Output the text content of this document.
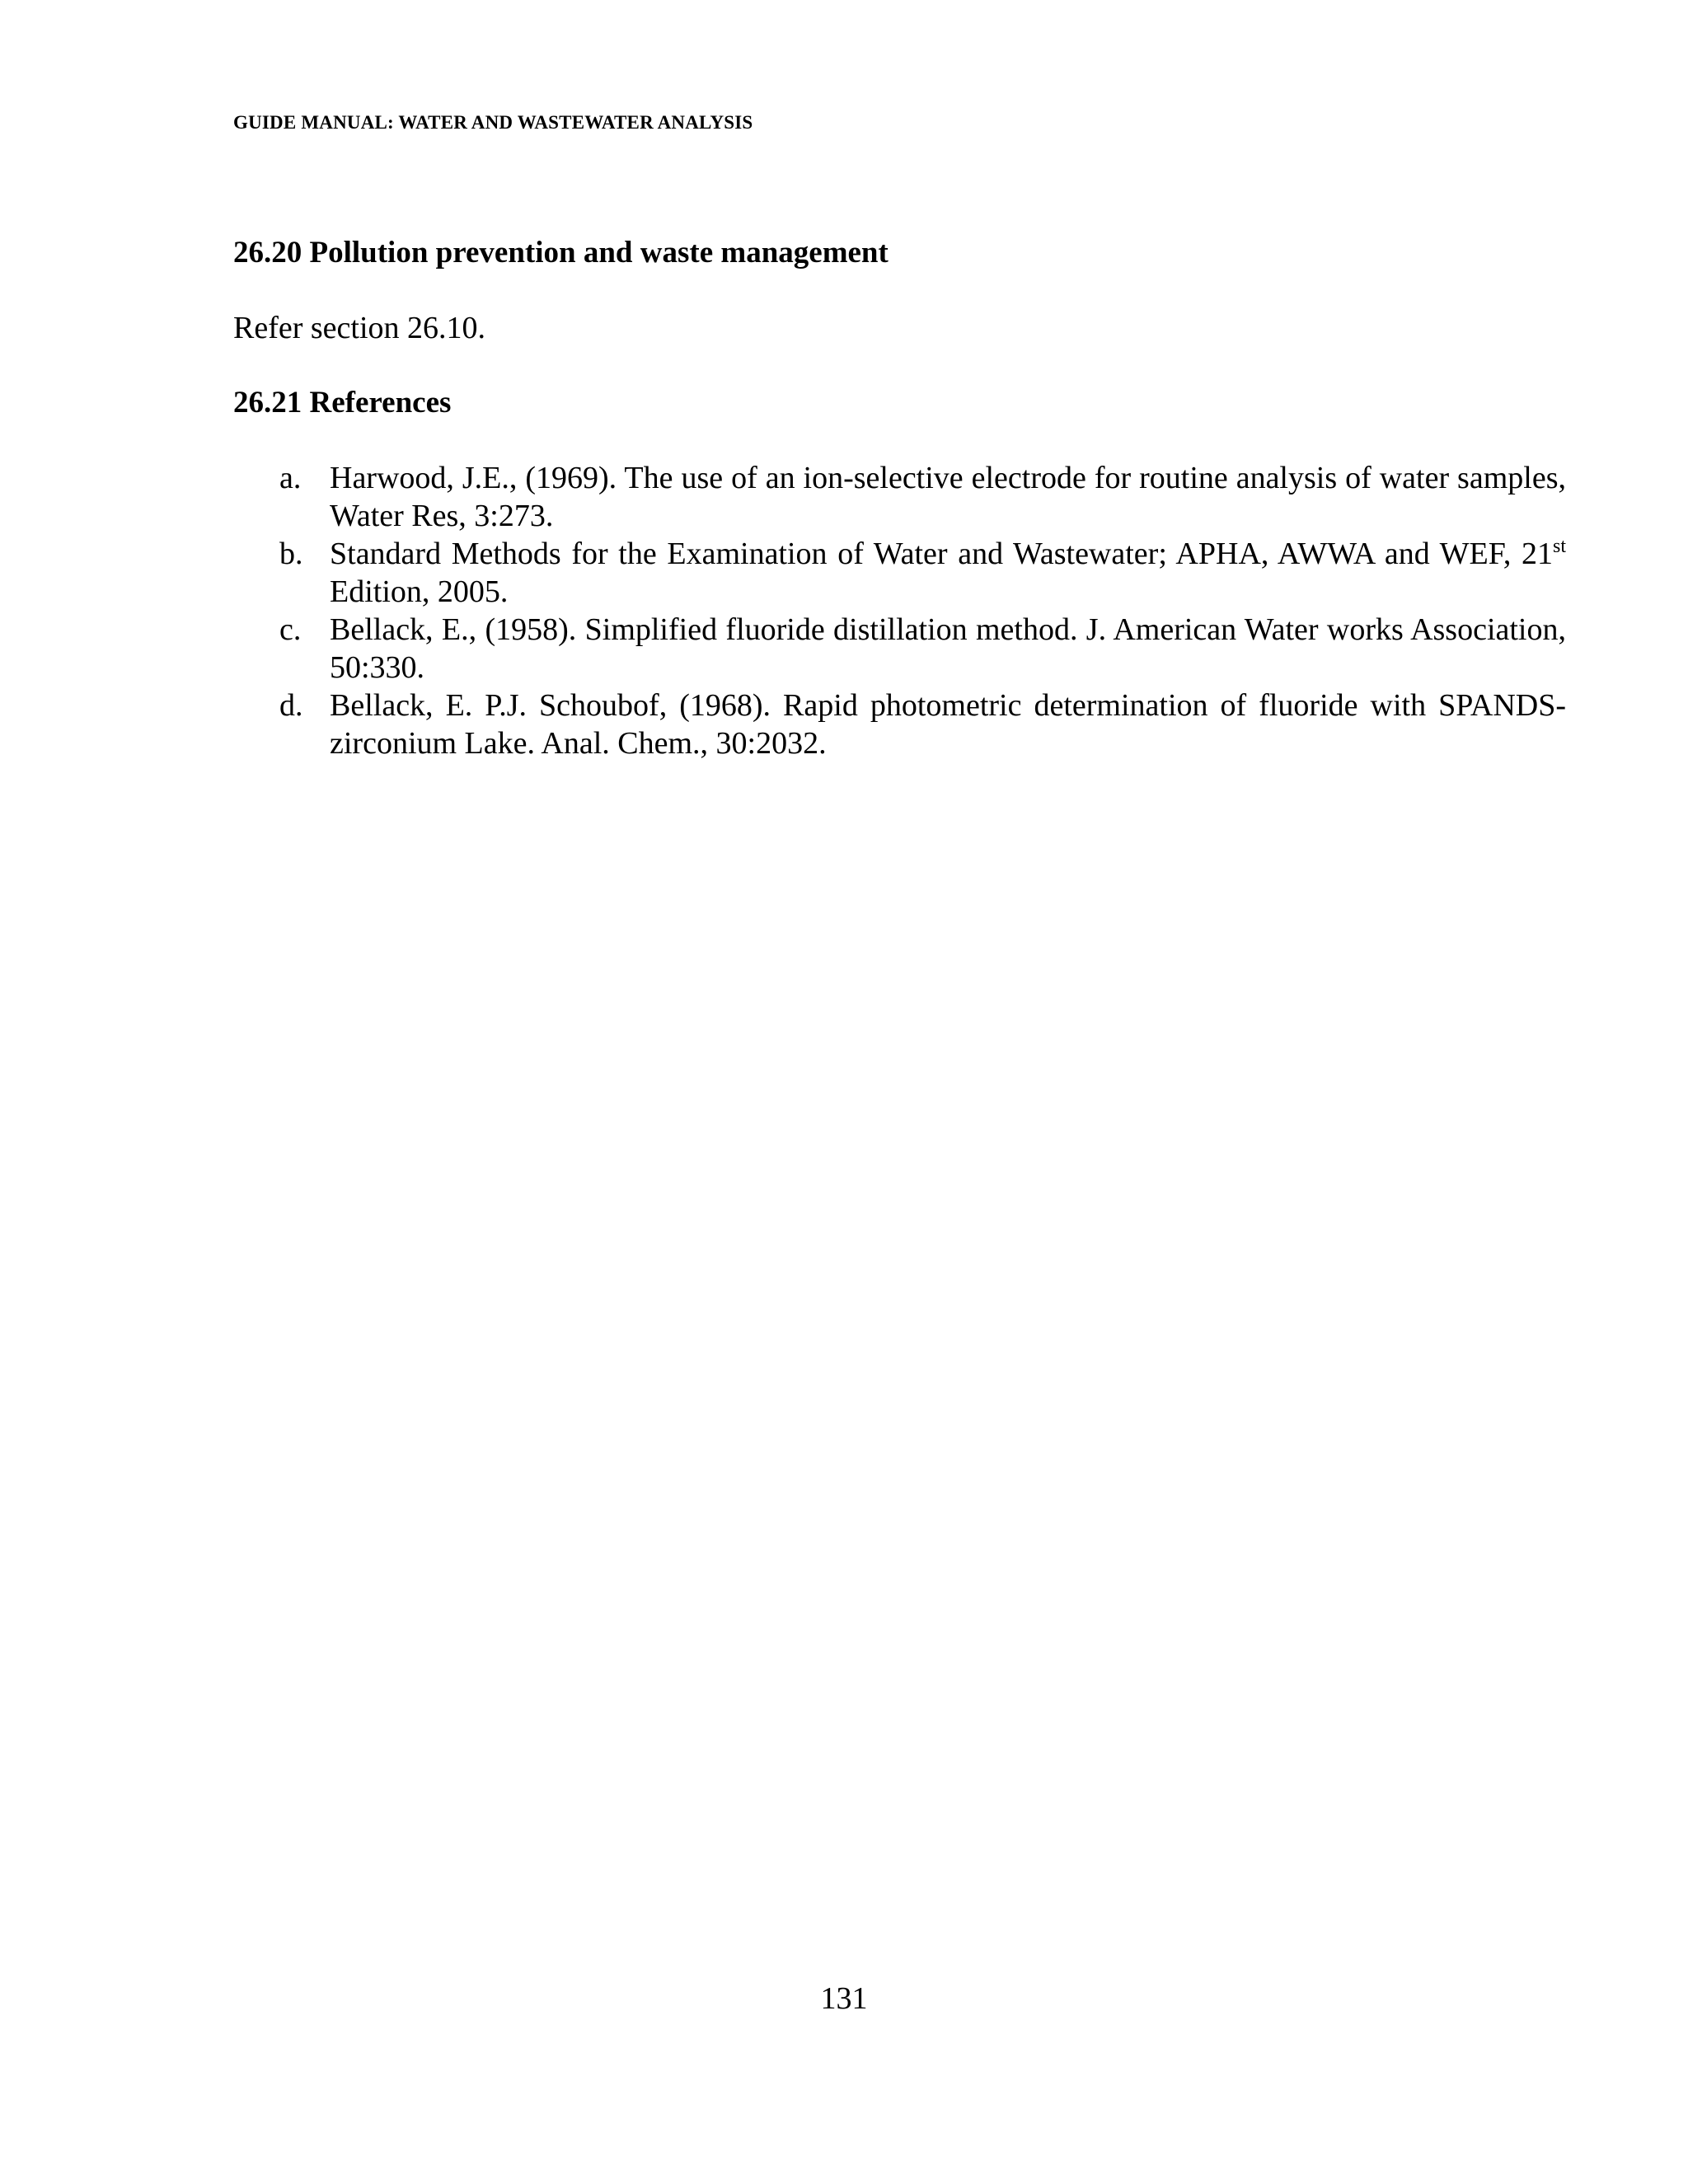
GUIDE MANUAL: WATER AND WASTEWATER ANALYSIS
26.20 Pollution prevention and waste management
Refer section 26.10.
26.21 References
a. Harwood, J.E., (1969). The use of an ion-selective electrode for routine analysis of water samples, Water Res, 3:273.
b. Standard Methods for the Examination of Water and Wastewater; APHA, AWWA and WEF, 21st Edition, 2005.
c. Bellack, E., (1958). Simplified fluoride distillation method. J. American Water works Association, 50:330.
d. Bellack, E. P.J. Schoubof, (1968). Rapid photometric determination of fluoride with SPANDS-zirconium Lake. Anal. Chem., 30:2032.
131
